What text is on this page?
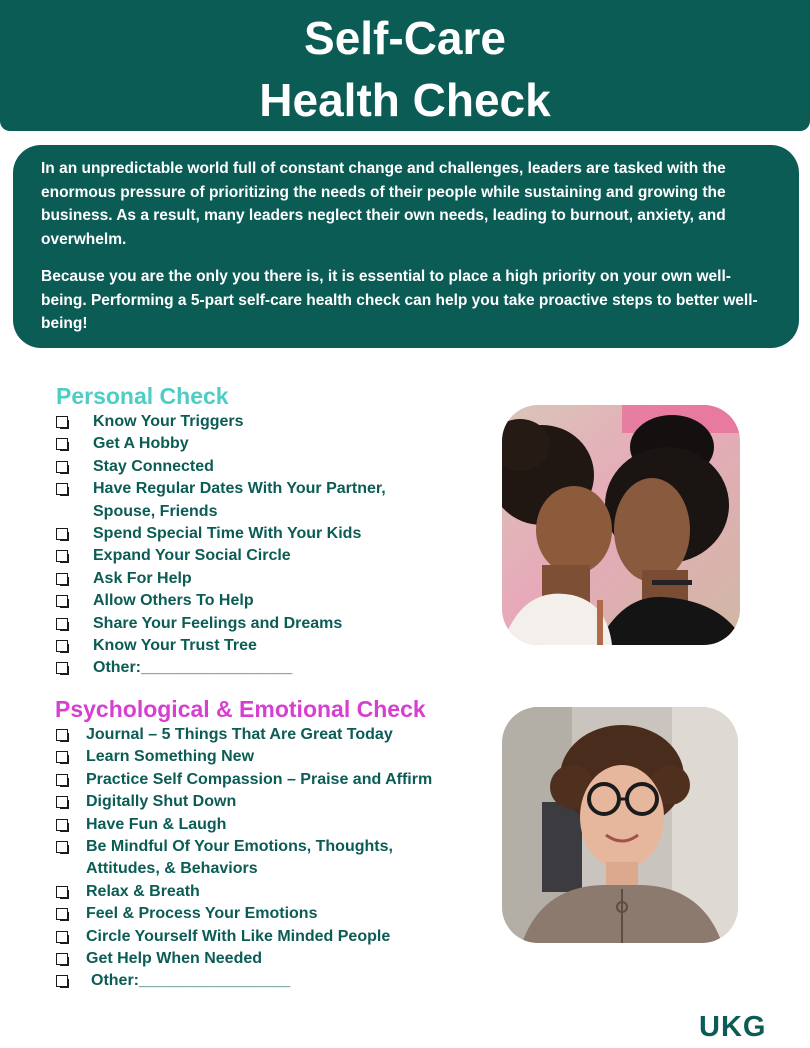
Self-Care
Health Check

In an unpredictable world full of constant change and challenges, leaders are tasked with the enormous pressure of prioritizing the needs of their people while sustaining and growing the business. As a result, many leaders neglect their own needs, leading to burnout, anxiety, and overwhelm.

Because you are the only you there is, it is essential to place a high priority on your own well-being. Performing a 5-part self-care health check can help you take proactive steps to better well-being!

Personal Check
Know Your Triggers
Get A Hobby
Stay Connected
Have Regular Dates With Your Partner,
Spouse, Friends
Spend Special Time With Your Kids
Expand Your Social Circle
Ask For Help
Allow Others To Help
Share Your Feelings and Dreams
Know Your Trust Tree
Other:_________________
Psychological & Emotional Check
Journal – 5 Things That Are Great Today
Learn Something New
Practice Self Compassion – Praise and Affirm
Digitally Shut Down
Have Fun & Laugh
Be Mindful Of Your Emotions, Thoughts,
Attitudes, & Behaviors
Relax & Breath
Feel & Process Your Emotions
Circle Yourself With Like Minded People
Get Help When Needed
Other:_________________
UKG
